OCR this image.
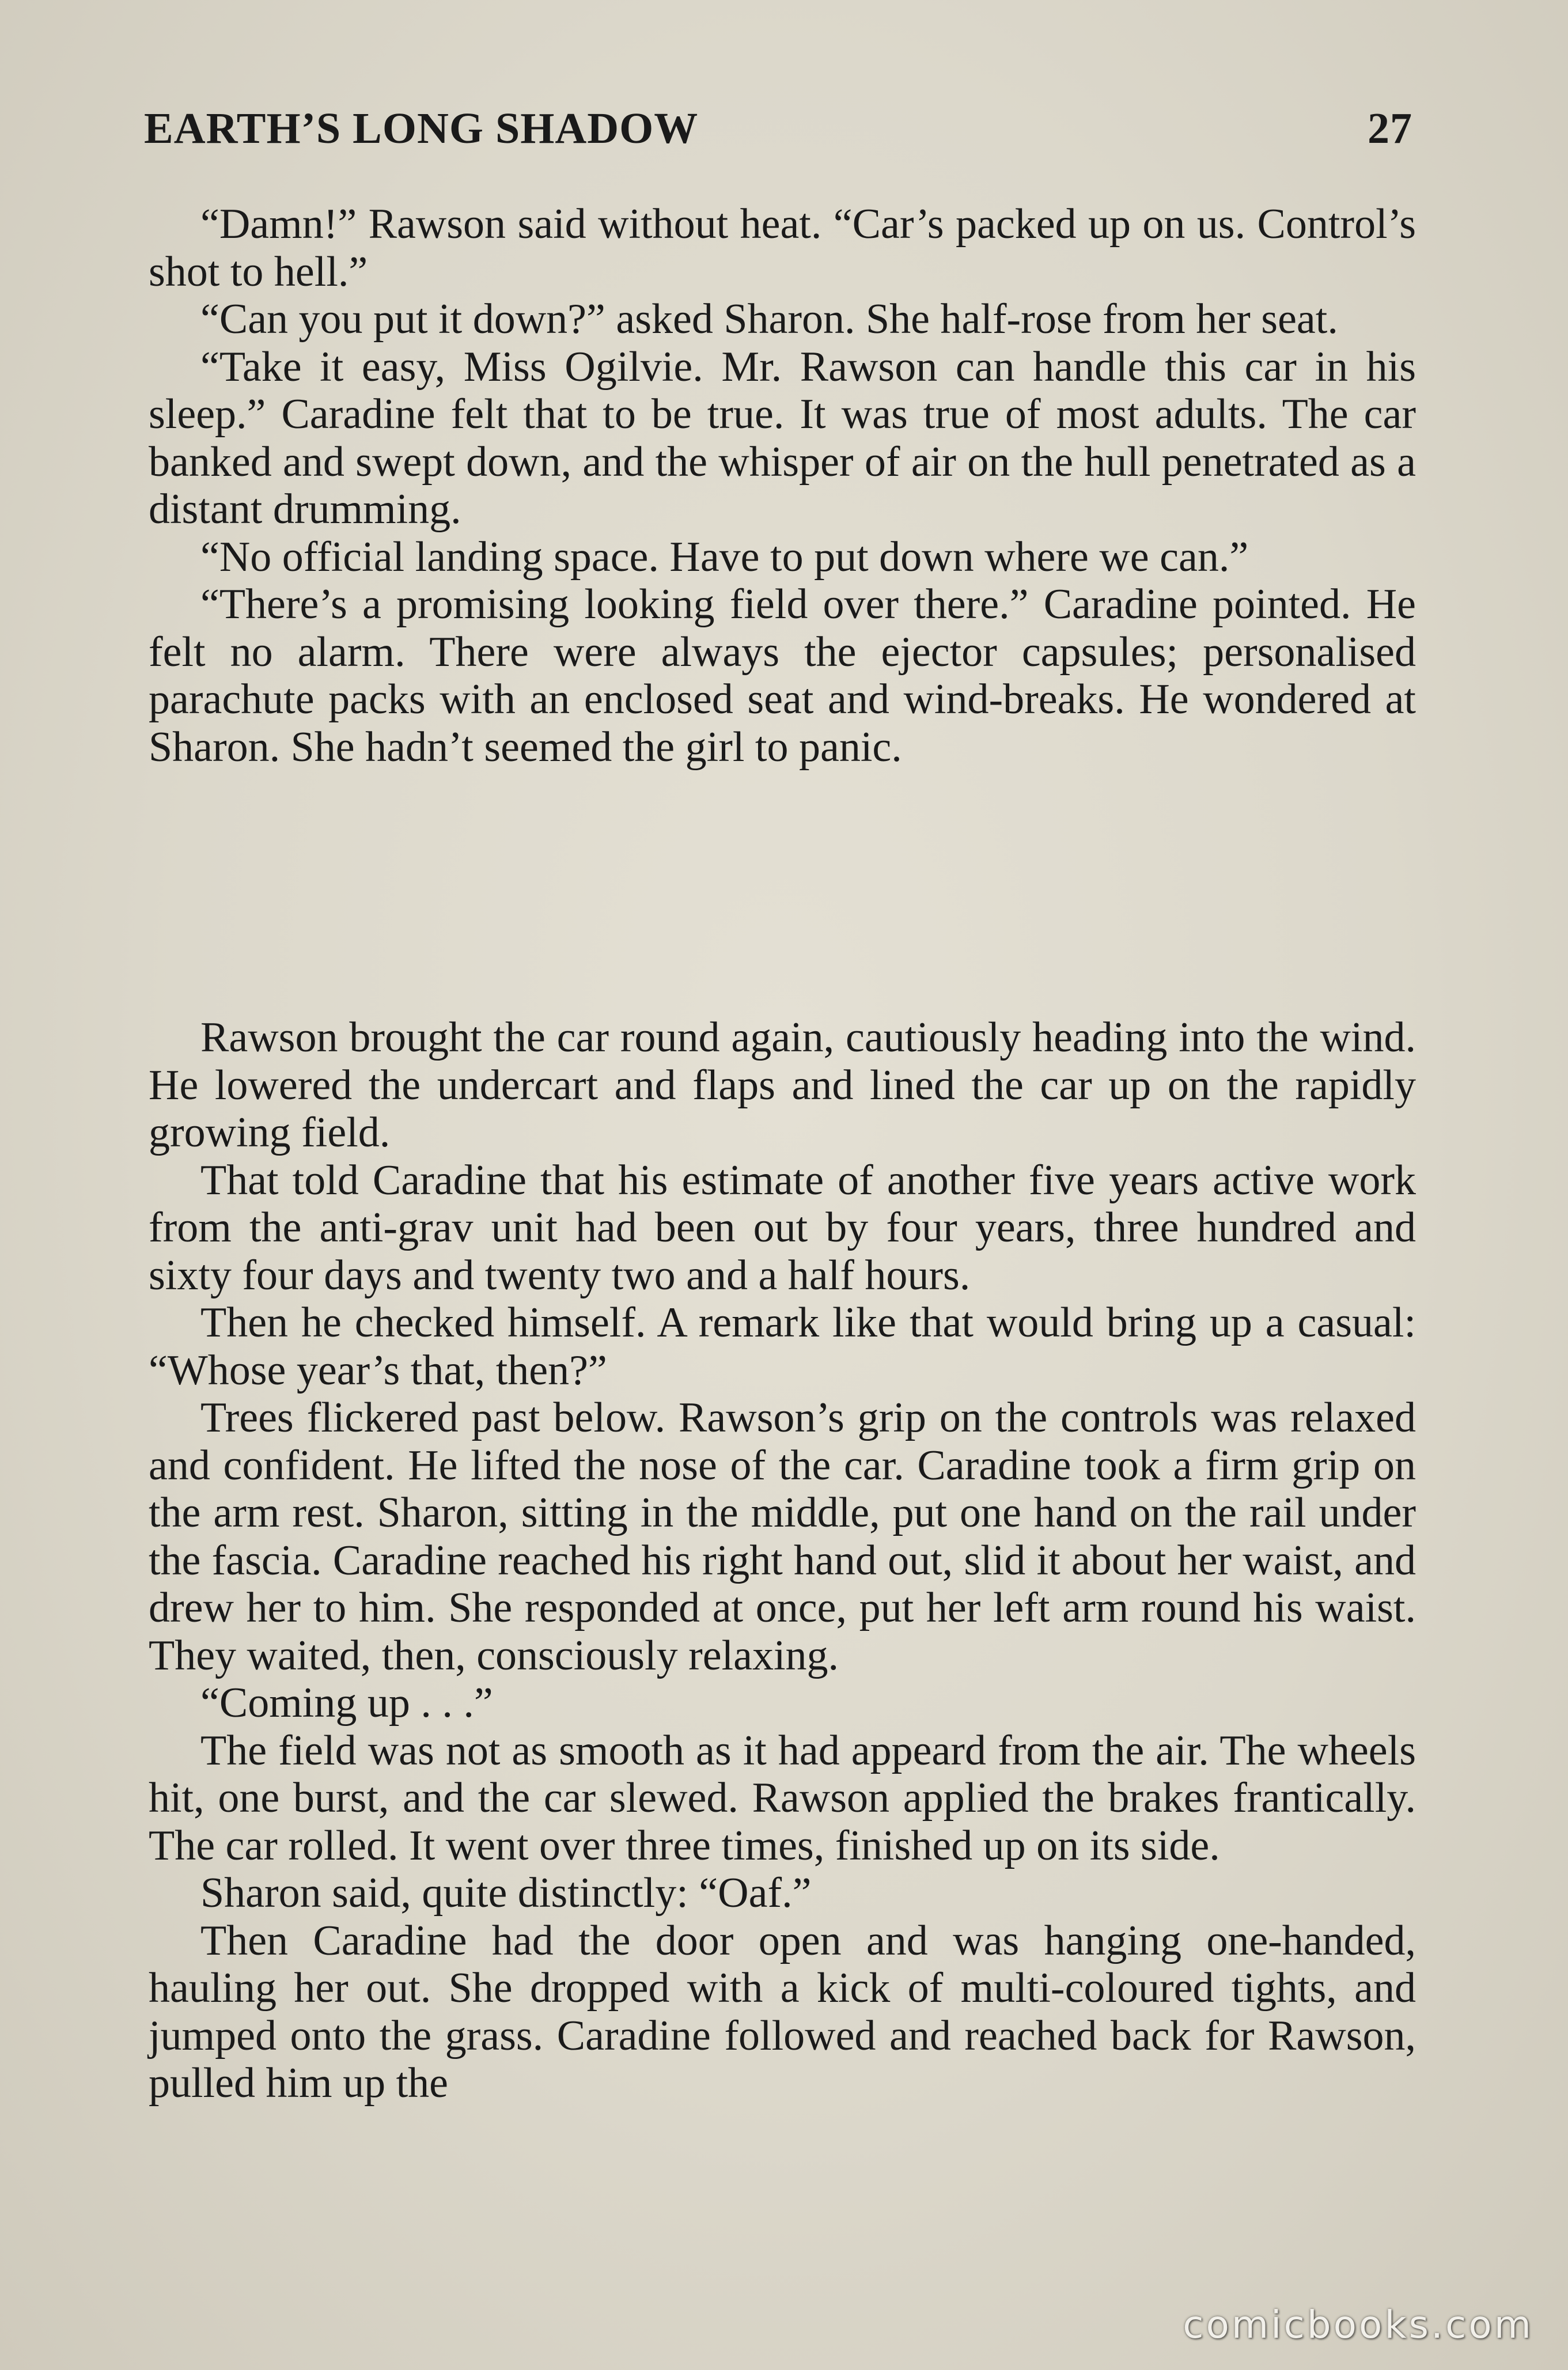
EARTH’S LONG SHADOW	27

“Damn!” Rawson said without heat. “Car’s packed up on us. Control’s shot to hell.”

“Can you put it down?” asked Sharon. She half-rose from her seat.

“Take it easy, Miss Ogilvie. Mr. Rawson can handle this car in his sleep.” Caradine felt that to be true. It was true of most adults. The car banked and swept down, and the whisper of air on the hull penetrated as a distant drumming.

“No official landing space. Have to put down where we can.”

“There’s a promising looking field over there.” Caradine pointed. He felt no alarm. There were always the ejector capsules; personalised parachute packs with an enclosed seat and wind-breaks. He wondered at Sharon. She hadn’t seemed the girl to panic.

Rawson brought the car round again, cautiously heading into the wind. He lowered the undercart and flaps and lined the car up on the rapidly growing field.

That told Caradine that his estimate of another five years active work from the anti-grav unit had been out by four years, three hundred and sixty four days and twenty two and a half hours.

Then he checked himself. A remark like that would bring up a casual: “Whose year’s that, then?”

Trees flickered past below. Rawson’s grip on the controls was relaxed and confident. He lifted the nose of the car. Caradine took a firm grip on the arm rest. Sharon, sitting in the middle, put one hand on the rail under the fascia. Caradine reached his right hand out, slid it about her waist, and drew her to him. She responded at once, put her left arm round his waist. They waited, then, consciously relaxing.

“Coming up . . .”

The field was not as smooth as it had appeard from the air. The wheels hit, one burst, and the car slewed. Rawson applied the brakes frantically. The car rolled. It went over three times, finished up on its side.

Sharon said, quite distinctly: “Oaf.”

Then Caradine had the door open and was hanging one-handed, hauling her out. She dropped with a kick of multi-coloured tights, and jumped onto the grass. Caradine followed and reached back for Rawson, pulled him up the

comicbooks.com
